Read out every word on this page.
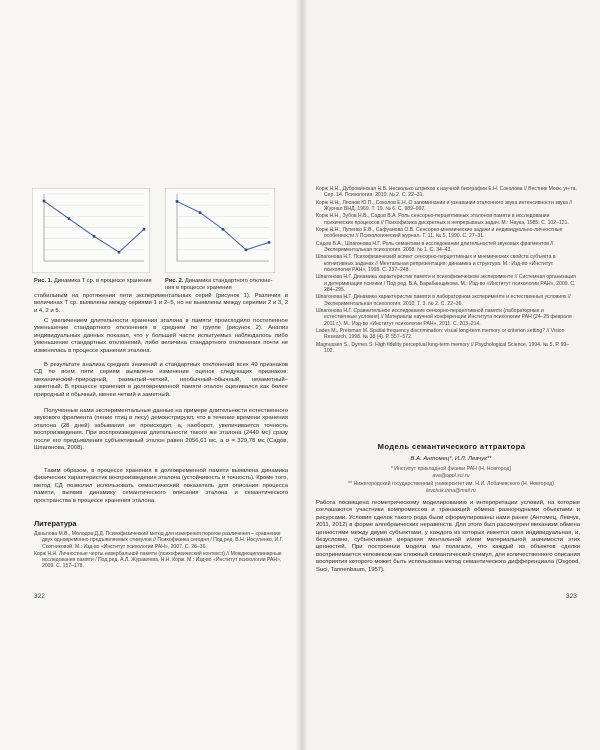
Рис. 1. Динамика Т ср. в процессе хранения	Рис. 2. Динамика стандартного отклоне-
ния в процессе хранения

стабильным на протяжении пяти экспериментальных серий (рисунок 1). Различия в величинах Т ср. выявлены между сериями 1 и 2–5, но не выявлены между сериями 2 и 3, 2 и 4, 2 и 5.

С увеличением длительности хранения эталона в памяти происходило постепенное уменьшение стандартного отклонения в среднем по группе (рисунок 2). Анализ индивидуальных данных показал, что у большей части испытуемых наблюдалось либо уменьшение стандартных отклонений, либо величина стандартного отклонения почти не изменялась в процессе хранения эталона.

В результате анализа средних значений и стандартных отклонений всех 49 признаков СД по всем пяти сериям выявлено изменение оценок следующих признаков: механический–природный, размытый–четкий, необычный–обычный, незаметный–заметный. В процессе хранения в долговременной памяти эталон оценивался как более природный и обычный, менее четкий и заметный.

Полученные нами экспериментальные данные на примере длительности естественного звукового фрагмента (пение птиц в лесу) демонстрируют, что в течение времени хранения эталона (28 дней) забывания не происходит, а, наоборот, увеличивается точность воспроизведения. При воспроизведении длительности такого же эталона (2449 мс) сразу после его предъявления субъективный эталон равен 2056,61 мс, а σ = 329,78 мс (Садов, Шпагонова, 2008).

Таким образом, в процессе хранения в долговременной памяти выявлена динамика физических характеристик воспроизведения эталона (устойчивость и точность). Кроме того, метод СД позволил использовать семантический показатель для описания процесса памяти, выявив динамику семантического описания эталона и семантического пространства в процессе хранения эталона.

Литература
Даньлова М.В., Молодов Д.Д. Психофизический метод для измерения порогов различения – сравнение двух одновременно предъявляемых стимулов // Психофизика сегодня / Под ред. В.Н. Носуленко, И.Г. Скотниковой. М.: Изд-во «Институт психологии РАН», 2007. С. 26–36.
Корж Н.Н. Личностные черты невербальной памяти (психофизический контекст) // Междисциплинарные исследования памяти / Под ред. А.Л. Журавлева, Н.Н. Корж. М.: Изд-во «Институт психологии РАН», 2009. С. 157–178.
322
Корж Н.Н., Дубровинская Н.В. Несколько штрихов к научной биографии Е.Н. Соколова // Вестник Моск. ун-та. Сер. 14. Психология. 2010. № 2. С. 22–31.
Корж Н.Н., Леонов Ю.П., Соколов Е.Н. О запоминании и узнавании эталонного звука интенсивности звука // Журнал ВНД. 1969. Т. 19. № 6. С. 989–997.
Корж Н.Н., Зубов Н.В., Садов В.А. Роль сенсорно-перцептивных эталонов памяти в исследовании психических процессов // Психофизика дискретных и непрерывных задач. М.: Наука, 1985. С. 102–121.
Корж Н.Н., Лупенко Е.В., Сафуанова О.В. Сенсорно-мнемические задачи и индивидуально-личностные особенности // Психологический журнал. Т. 11. № 5, 1990. С. 27–31.
Садов В.А., Шпагонова Н.Г. Роль семантики в исследовании длительностей звуковых фрагментов // Экспериментальная психология. 2008. № 1. С. 34–43.
Шпагонова Н.Г. Психофизический аспект сенсорно-перцептивных и мнемических свойств субъекта в когнитивных задачах // Ментальная репрезентация: динамика и структура. М.: Изд-во «Институт психологии РАН», 1998. С. 237–248.
Шпагонова Н.Г. Динамика характеристик памяти и психофизическом эксперименте // Системная организация и детерминация психики / Под ред. В.А. Барабанщикова. М.: Изд-во «Институт психологии РАН», 2009. С. 284–295.
Шпагонова Н.Г. Динамика характеристик памяти в лабораторном эксперименте и естественных условиях // Экспериментальная психология. 2010. Т. 3. № 2. С. 22–36.
Шпагонова Н.Г. Сравнительное исследование сенсорно-перцептивной памяти (лабораторные и естественные условия) // Материалы научной конференции Института психологии РАН (24–25 февраля 2011 г.). М.: Изд-во «Институт психологии РАН», 2011. С. 203–214.
Lades M., Preisman M. Spatial frequency discrimination: visual long-term memory or criterion setting? // Vision Research. 1998. № 38 (4). Р. 557–572.
Magnussen S., Dyrnes S. High fidelity perceptual long-term memory // Psychological Science. 1994. № 5. Р. 99–102.
Модель семантического аттрактора
В.А. Антомец*, И.Л. Левчук**
* Институт прикладной физики РАН (Н. Новгород)
ava@appl.sci.ru
** Нижегородский государственный университет им. Н.И. Лобачевского (Н. Новгород)
levchuk.irina@mail.ru

Работа посвящена геометрическому моделированию и интерпретации условий, на которые соглашаются участники компромиссов и транзакций обмена разнородными объектами и ресурсами. Условия сделок такого рода были сформулированы нами ранее (Антомец, Левчук, 2011, 2012) в форме алгебраических неравенств. Для этого был рассмотрен механизм обмена ценностями между двумя субъектами, у каждого из которых имеется своя индивидуальная, и, безусловно, субъективная иерархия ментальной и/или материальной значимости этих ценностей. При построении модели мы полагали, что каждый из объектов сделки воспринимается человеком как сложный семантический стимул, для количественного описания восприятия которого может быть использован метод семантического дифференциала (Osgood, Suci, Tannenbaum, 1957).

323
